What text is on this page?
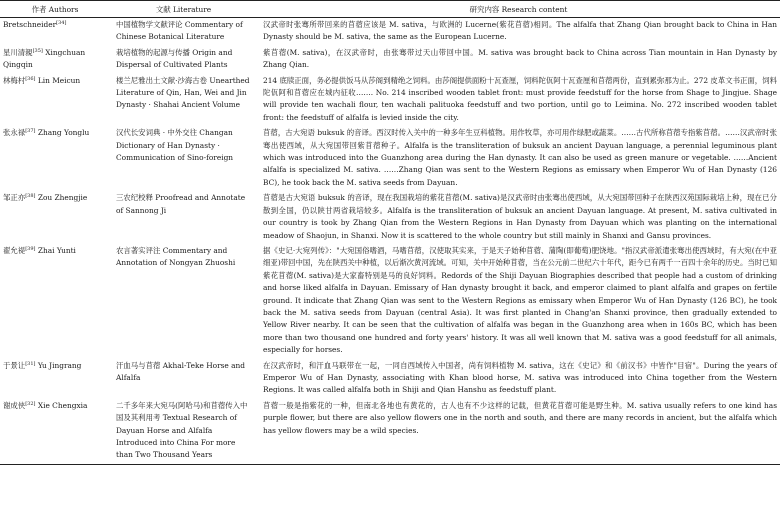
作者 Authors	文献 Literature	研究内容 Research content
Bretschneider[34]	中国植物学文献评论 Commentary of Chinese Botanical Literature	汉武帝时张骞所带回来的苜蓿应该是 M. sativa，与欧洲的 Lucerne(紫花苜蓿)相同。The alfalfa that Zhang Qian brought back to China in Han Dynasty should be M. sativa, the same as the European Lucerne.
星川清親[35] Xingchuan Qingqin	栽培植物的起源与传播 Origin and Dispersal of Cultivated Plants	紫苜蓿(M. sativa)，在汉武帝时，由张骞带过天山带回中国。M. sativa was brought back to China across Tian mountain in Han Dynasty by Zhang Qian.
林梅村[36] Lin Meicun	楼兰尼雅出土文献·沙海古卷 Unearthed Literature of Qin, Han, Wei and Jin Dynasty · Shahai Ancient Volume	214 底牍正面，务必提供饭马从莎阁到精绝之饲料。由莎阁提供面粉十瓦查厘，饲料陀佤阿十瓦查厘和苜蓿两份，直到累弥那为止。272 皮革文书正面，饲料陀佤阿和苜蓿应在城内征收……. No. 214 inscribed wooden tablet front: must provide feedstuff for the horse from Shage to Jingjue. Shage will provide ten wachali flour, ten wachali palituoka feedstuff and two portion, until go to Leimina. No. 272 inscribed wooden tablet front: the feedstuff of alfalfa is levied inside the city.
张永禄[37] Zhang Yonglu	汉代长安词典 · 中外交往 Changan Dictionary of Han Dynasty · Communication of Sino-foreign	苜蓿，古大宛语 buksuk 的音译。西汉时传入关中的一种多年生豆科植物。用作牧草，亦可用作绿肥或蔬菜。……古代所称苜蓿专指紫苜蓿。……汉武帝时张骞出使西域，从大宛国带回紫苜蓿种子。Alfalfa is the transliteration of buksuk an ancient Dayuan language, a perennial leguminous plant which was introduced into the Guanzhong area during the Han dynasty. It can also be used as green manure or vegetable. ……Ancient alfalfa is specialized M. sativa. ……Zhang Qian was sent to the Western Regions as emissary when Emperor Wu of Han Dynasty (126 BC), he took back the M. sativa seeds from Dayuan.
邹正亦[38] Zou Zhengjie	三农纪校释 Proofread and Annotate of Sannong Ji	苜蓿是古大宛语 buksuk 的音译，现在我国栽培的紫花苜蓿(M. sativa)是汉武帝时由张骞出使西域，从大宛国带回种子在陕西汉苑国际栽培上种，现在已分散到全国，仍以陕甘两省栽培较多。Alfalfa is the transliteration of buksuk an ancient Dayuan language. At present, M. sativa cultivated in our country is took by Zhang Qian from the Western Regions in Han Dynasty from Dayuan which was planting on the international meadow of Shaojun, in Shanxi. Now it is scattered to the whole country but still mainly in Shanxi and Gansu provinces.
翟允禔[39] Zhai Yunti	农言著实评注 Commentary and Annotation of Nongyan Zhuoshi	据《史记·大宛列传》："大宛国俗嗜酒，马嗜苜蓿，汉使取其实来，于是天子始种苜蓿、蒲陶(即葡萄)肥饶地。"指汉武帝派遣张骞出使西域时，有大宛(在中亚细亚)带回中国，先在陕西关中种植，以后渐次黄河流域。可知，关中开始种苜蓿，当在公元前二世纪六十年代，距今已有两千一百四十余年的历史。当时已知紫花苜蓿(M. sativa)是大家畜特别是马的良好饲料。Redords of the Shiji Dayuan Biographies described that people had a custom of drinking and horse liked alfalfa in Dayuan. Emissary of Han dynasty brought it back, and emperor claimed to plant alfalfa and grapes on fertile ground. It indicate that Zhang Qian was sent to the Western Regions as emissary when Emperor Wu of Han Dynasty (126 BC), he took back the M. sativa seeds from Dayuan (central Asia). It was first planted in Chang'an Shanxi province, then gradually extended to Yellow River nearby. It can be seen that the cultivation of alfalfa was began in the Guanzhong area when in 160s BC, which has been more than two thousand one hundred and forty years' history. It was all well known that M. sativa was a good feedstuff for all animals, especially for horses.
于景让[31] Yu Jingrang	汗血马与苜蓿 Akhal-Teke Horse and Alfalfa	在汉武帝时，和汗血马联带在一起，一同自西域传入中国者，尚有饲料植物 M. sativa，这在《史记》和《前汉书》中皆作"目宿"。During the years of Emperor Wu of Han Dynasty, associating with Khan blood horse, M. sativa was introduced into China together from the Western Regions. It was called alfalfa both in Shiji and Qian Hanshu as feedstuff plant.
谢成侠[32] Xie Chengxia	二千多年来大宛马(阿哈马)和苜蓿传入中国及其利用考 Textual Research of Dayuan Horse and Alfalfa Introduced into China For more than Two Thousand Years	苜蓿一般是指紫花的一种，但南北各地也有黄花的，古人也有不少这样的记载，但黄花苜蓿可能是野生种。M. sativa usually refers to one kind has purple flower, but there are also yellow flowers one in the north and south, and there are many records in ancient, but the alfalfa which has yellow flowers may be a wild species.
